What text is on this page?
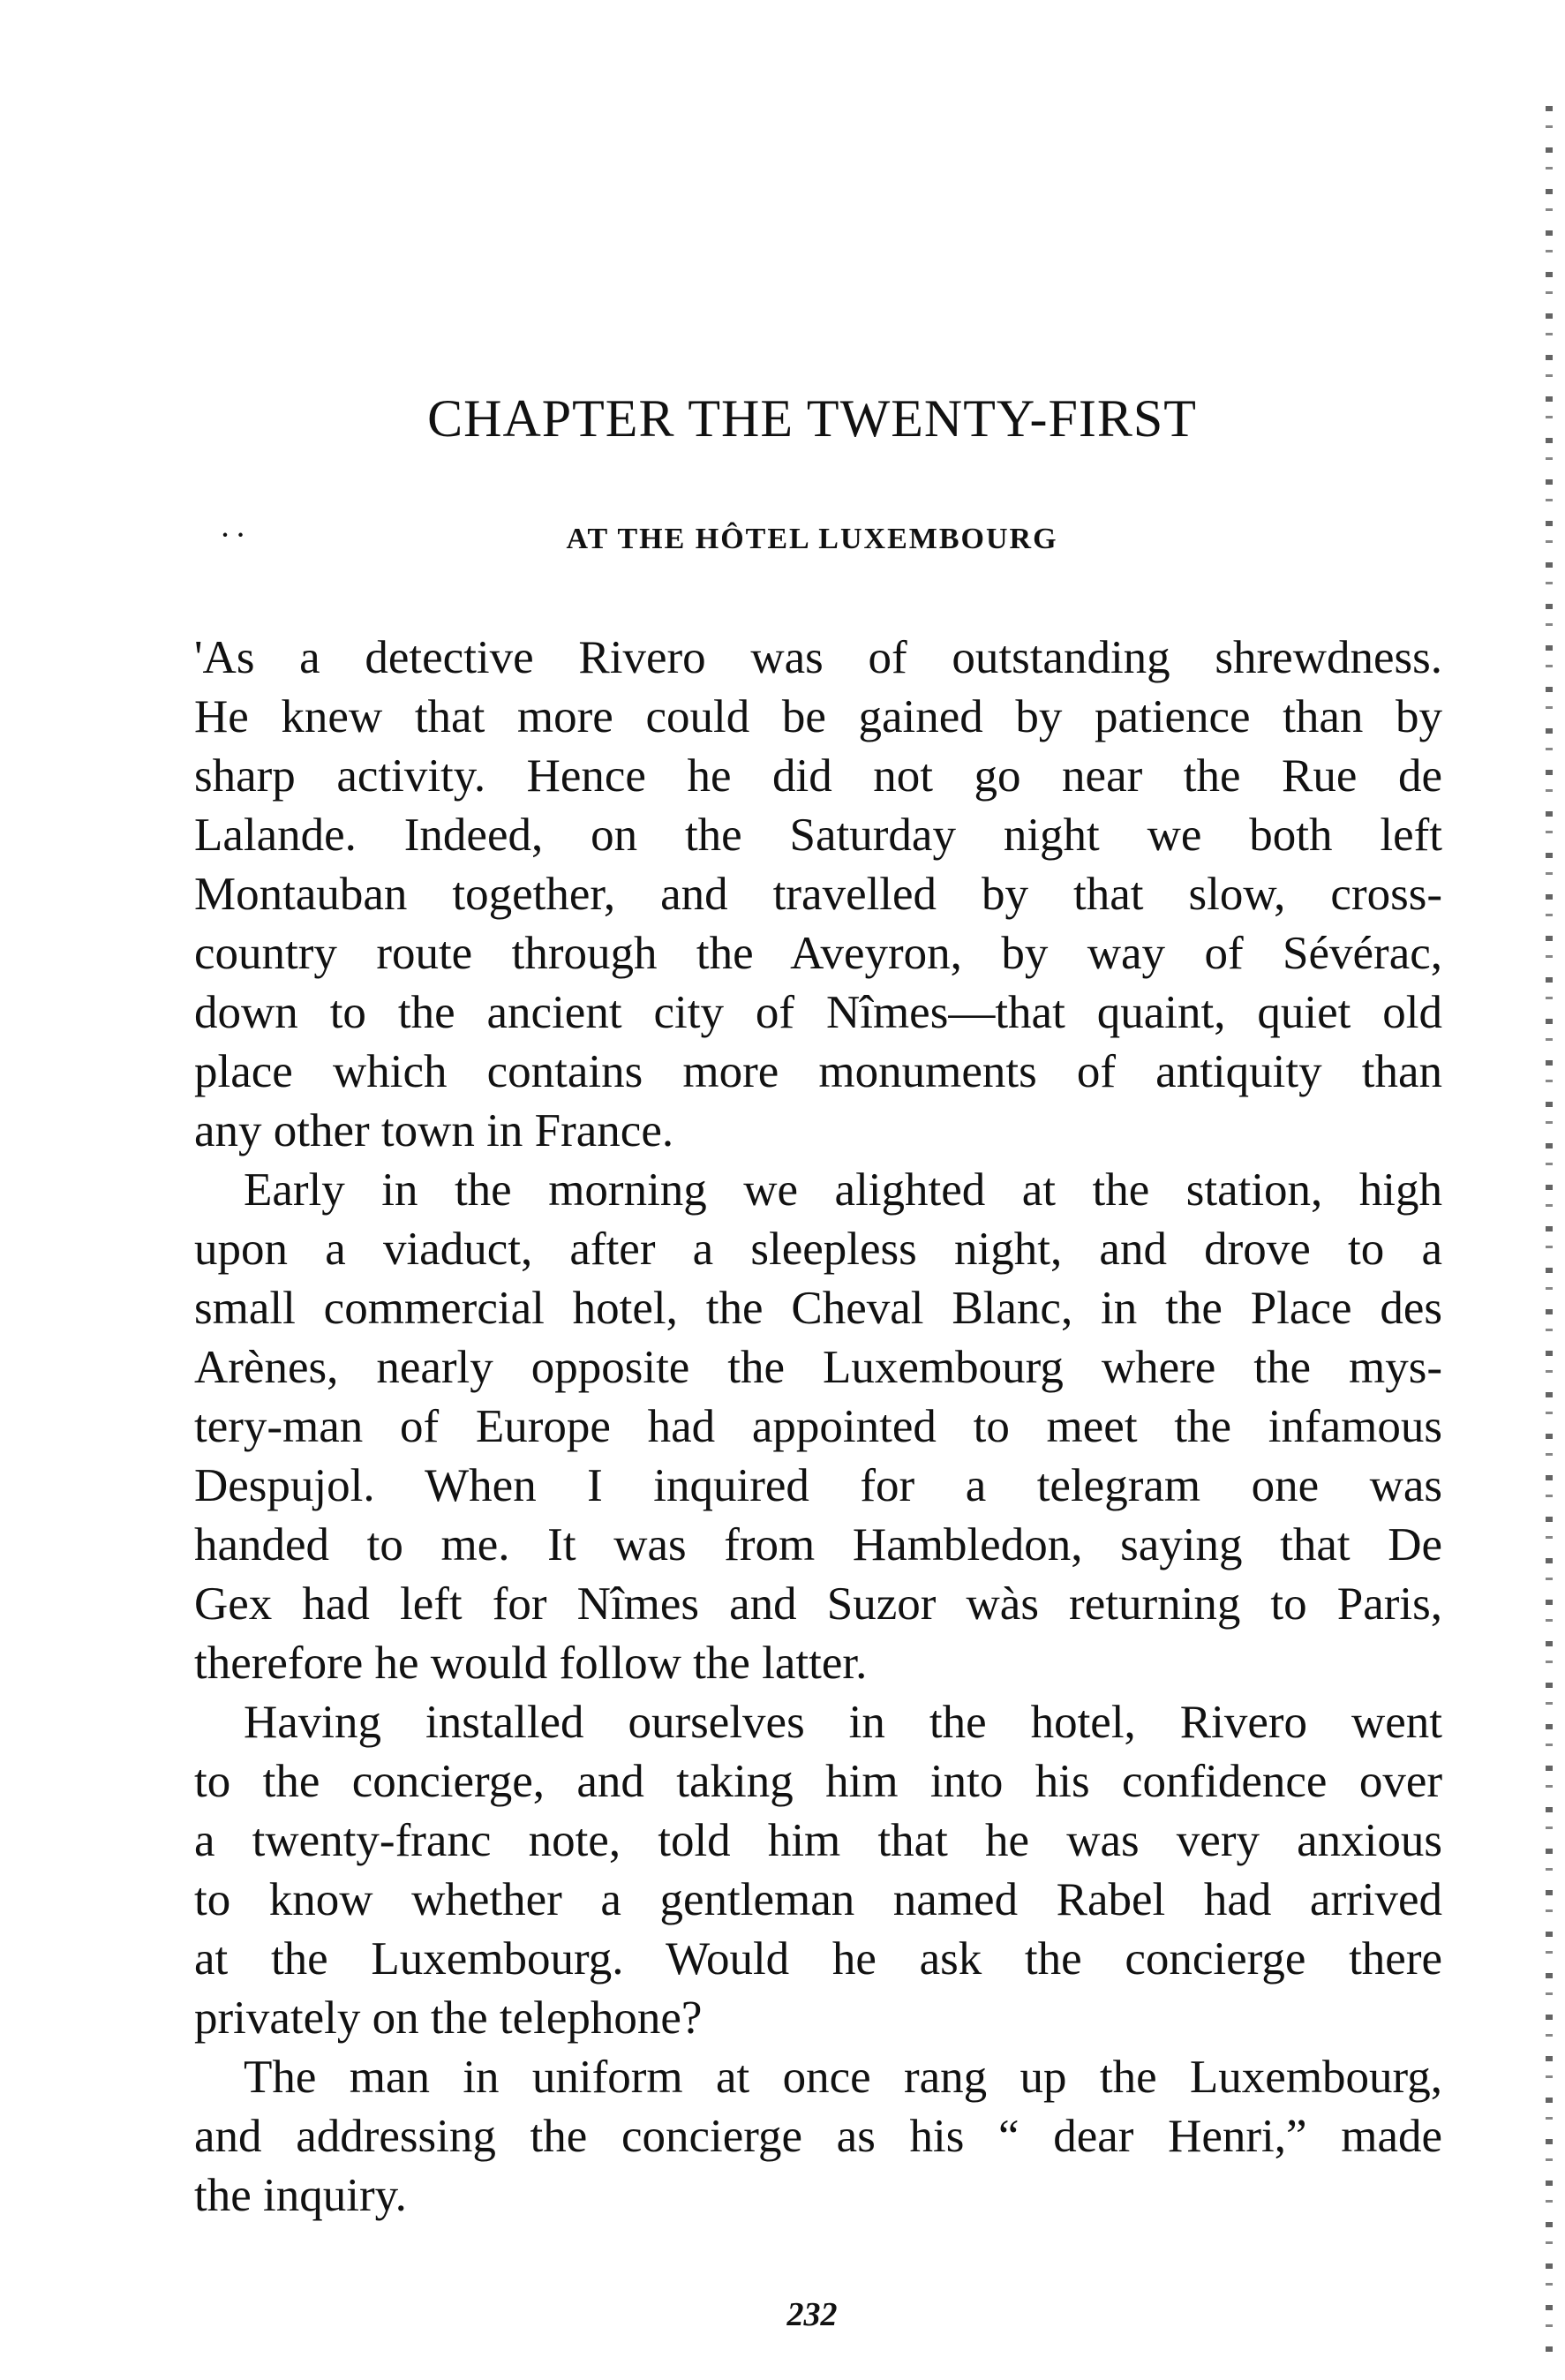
CHAPTER THE TWENTY-FIRST
˙ ˙	AT THE HÔTEL LUXEMBOURG
'As a detective Rivero was of outstanding shrewdness.
He knew that more could be gained by patience than by
sharp activity. Hence he did not go near the Rue de
Lalande. Indeed, on the Saturday night we both left
Montauban together, and travelled by that slow, cross-
country route through the Aveyron, by way of Sévérac,
down to the ancient city of Nîmes—that quaint, quiet old
place which contains more monuments of antiquity than
any other town in France.
Early in the morning we alighted at the station, high
upon a viaduct, after a sleepless night, and drove to a
small commercial hotel, the Cheval Blanc, in the Place des
Arènes, nearly opposite the Luxembourg where the mys-
tery-man of Europe had appointed to meet the infamous
Despujol. When I inquired for a telegram one was
handed to me. It was from Hambledon, saying that De
Gex had left for Nîmes and Suzor wàs returning to Paris,
therefore he would follow the latter.
Having installed ourselves in the hotel, Rivero went
to the concierge, and taking him into his confidence over
a twenty-franc note, told him that he was very anxious
to know whether a gentleman named Rabel had arrived
at the Luxembourg. Would he ask the concierge there
privately on the telephone?
The man in uniform at once rang up the Luxembourg,
and addressing the concierge as his “ dear Henri,” made
the inquiry.
232
